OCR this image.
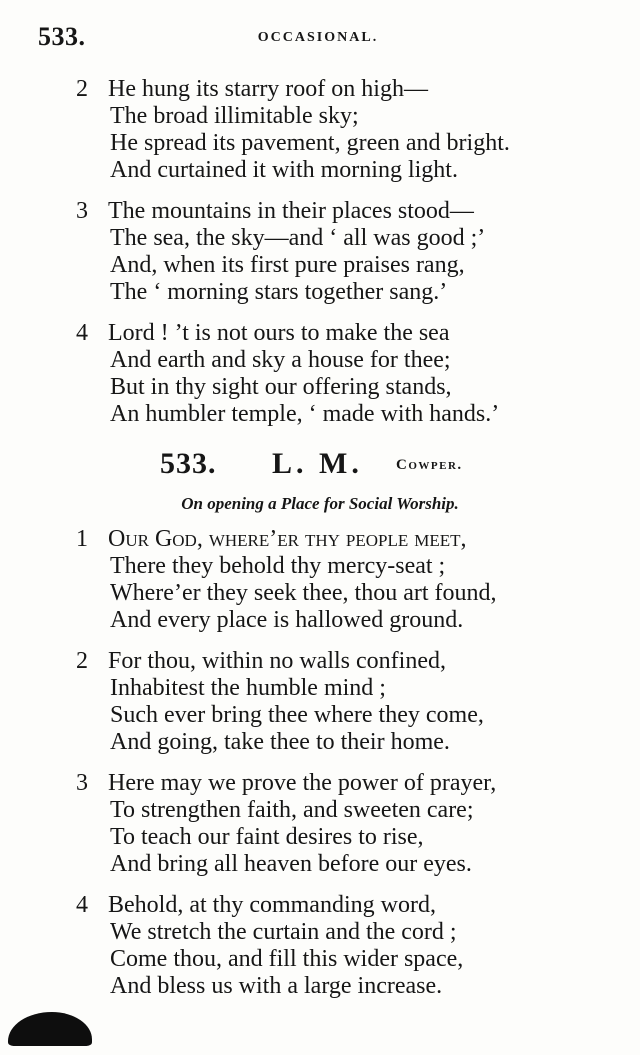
533.	OCCASIONAL.
2 He hung its starry roof on high—
The broad illimitable sky;
He spread its pavement, green and bright.
And curtained it with morning light.
3 The mountains in their places stood—
The sea, the sky—and ‘ all was good ;’
And, when its first pure praises rang,
The ‘ morning stars together sang.’
4 Lord ! ’t is not ours to make the sea
And earth and sky a house for thee;
But in thy sight our offering stands,
An humbler temple, ‘ made with hands.’
533. L. M. Cowper.
On opening a Place for Social Worship.
1 Our God, where’er thy people meet,
There they behold thy mercy-seat ;
Where’er they seek thee, thou art found,
And every place is hallowed ground.
2 For thou, within no walls confined,
Inhabitest the humble mind ;
Such ever bring thee where they come,
And going, take thee to their home.
3 Here may we prove the power of prayer,
To strengthen faith, and sweeten care;
To teach our faint desires to rise,
And bring all heaven before our eyes.
4 Behold, at thy commanding word,
We stretch the curtain and the cord ;
Come thou, and fill this wider space,
And bless us with a large increase.
